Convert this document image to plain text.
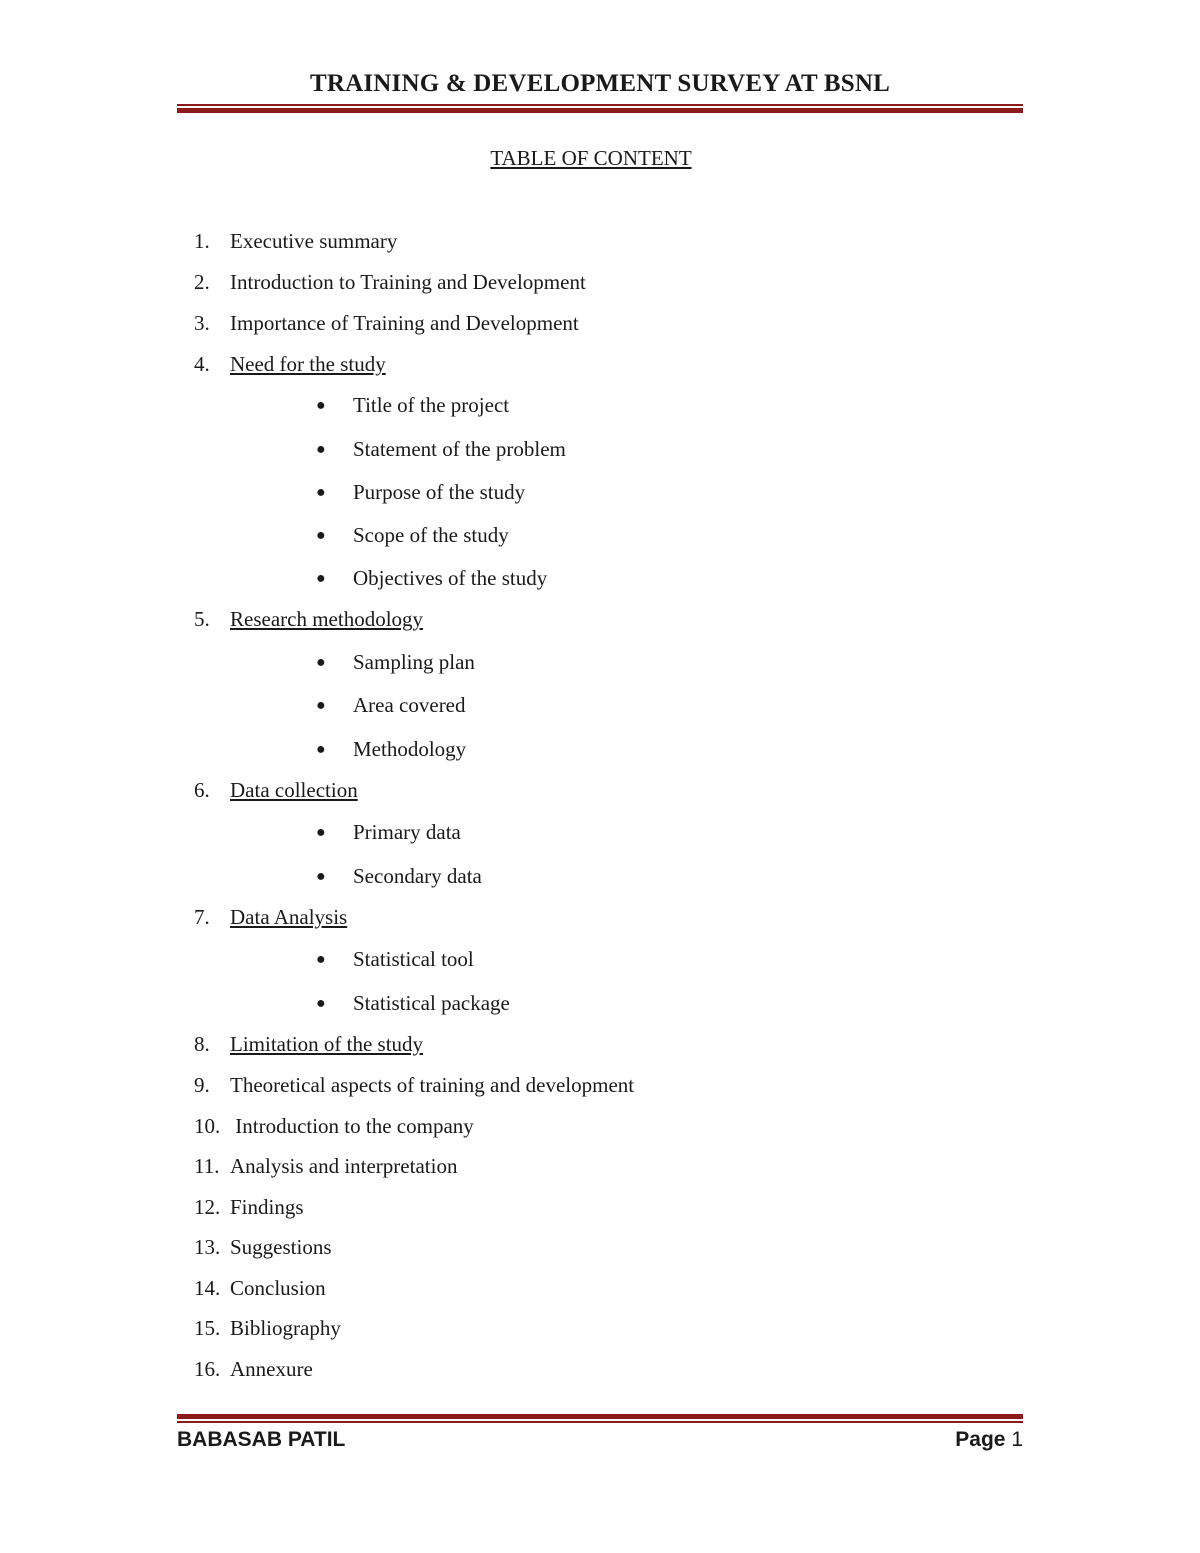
TRAINING & DEVELOPMENT SURVEY AT BSNL
TABLE OF CONTENT
1. Executive summary
2. Introduction to Training and Development
3. Importance of Training and Development
4. Need for the study
● Title of the project
● Statement of the problem
● Purpose of the study
● Scope of the study
● Objectives of the study
5. Research methodology
● Sampling plan
● Area covered
● Methodology
6. Data collection
● Primary data
● Secondary data
7. Data Analysis
● Statistical tool
● Statistical package
8. Limitation of the study
9. Theoretical aspects of training and development
10. Introduction to the company
11. Analysis and interpretation
12. Findings
13. Suggestions
14. Conclusion
15. Bibliography
16. Annexure
BABASAB PATIL	Page 1
